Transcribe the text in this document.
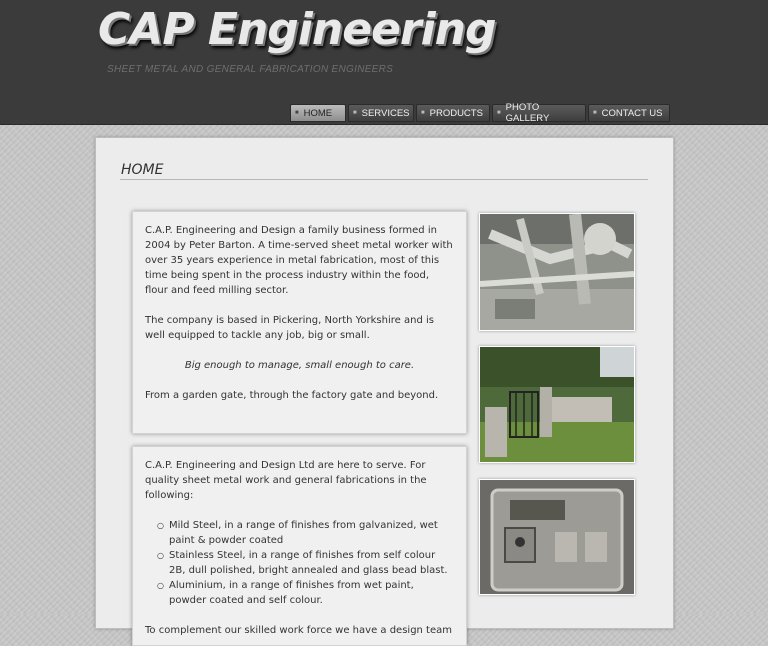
CAP Engineering
SHEET METAL AND GENERAL FABRICATION ENGINEERS
■ HOME	■ SERVICES ■ PRODUCTS ■ PHOTO GALLERY	■ CONTACT US
HOME

C.A.P. Engineering and Design a family business formed in 2004 by Peter Barton. A time-served sheet metal worker with over 35 years experience in metal fabrication, most of this time being spent in the process industry within the food, flour and feed milling sector.

The company is based in Pickering, North Yorkshire and is well equipped to tackle any job, big or small.

Big enough to manage, small enough to care.

From a garden gate, through the factory gate and beyond.

C.A.P. Engineering and Design Ltd are here to serve. For quality sheet metal work and general fabrications in the following:

○ Mild Steel, in a range of finishes from galvanized, wet paint & powder coated
○ Stainless Steel, in a range of finishes from self colour 2B, dull polished, bright annealed and glass bead blast.
○ Aluminium, in a range of finishes from wet paint, powder coated and self colour.

To complement our skilled work force we have a design team
